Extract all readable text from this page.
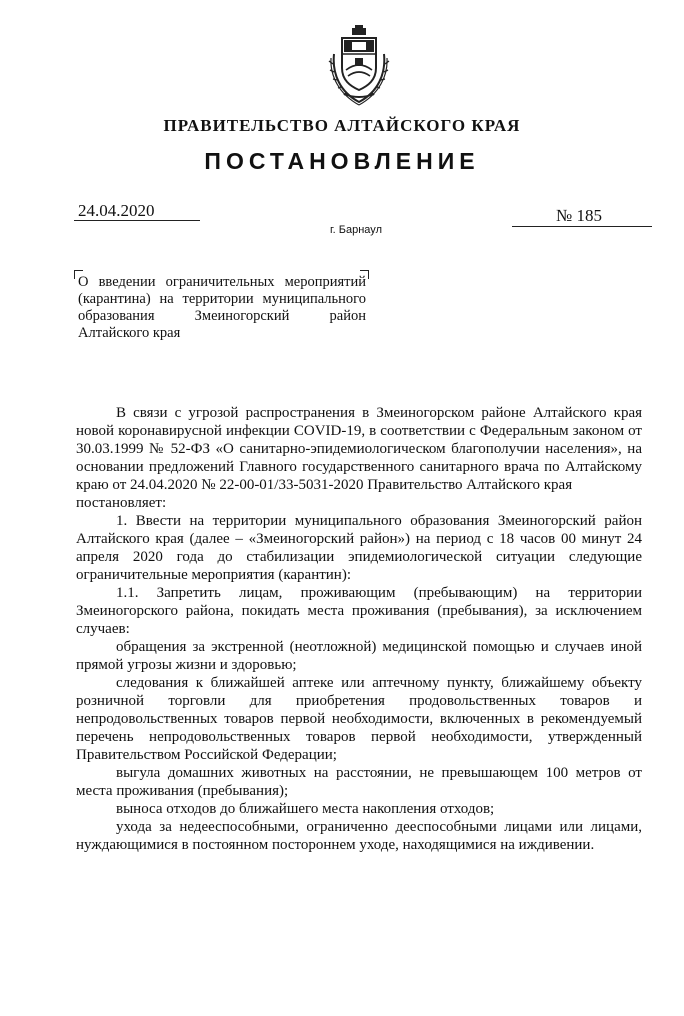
ПРАВИТЕЛЬСТВО АЛТАЙСКОГО КРАЯ
ПОСТАНОВЛЕНИЕ
24.04.2020
г. Барнаул
№ 185
О введении ограничительных мероприятий (карантина) на территории муниципального образования Змеиногорский район Алтайского края

В связи с угрозой распространения в Змеиногорском районе Алтайского края новой коронавирусной инфекции COVID-19, в соответствии с Федеральным законом от 30.03.1999 № 52-ФЗ «О санитарно-эпидемиологическом благополучии населения», на основании предложений Главного государственного санитарного врача по Алтайскому краю от 24.04.2020 № 22-00-01/33-5031-2020 Правительство Алтайского края

постановляет:

1. Ввести на территории муниципального образования Змеиногорский район Алтайского края (далее – «Змеиногорский район») на период с 18 часов 00 минут 24 апреля 2020 года до стабилизации эпидемиологической ситуации следующие ограничительные мероприятия (карантин):

1.1. Запретить лицам, проживающим (пребывающим) на территории Змеиногорского района, покидать места проживания (пребывания), за исключением случаев:

обращения за экстренной (неотложной) медицинской помощью и случаев иной прямой угрозы жизни и здоровью;

следования к ближайшей аптеке или аптечному пункту, ближайшему объекту розничной торговли для приобретения продовольственных товаров и непродовольственных товаров первой необходимости, включенных в рекомендуемый перечень непродовольственных товаров первой необходимости, утвержденный Правительством Российской Федерации;

выгула домашних животных на расстоянии, не превышающем 100 метров от места проживания (пребывания);

выноса отходов до ближайшего места накопления отходов;

ухода за недееспособными, ограниченно дееспособными лицами или лицами, нуждающимися в постоянном постороннем уходе, находящимися на иждивении.
